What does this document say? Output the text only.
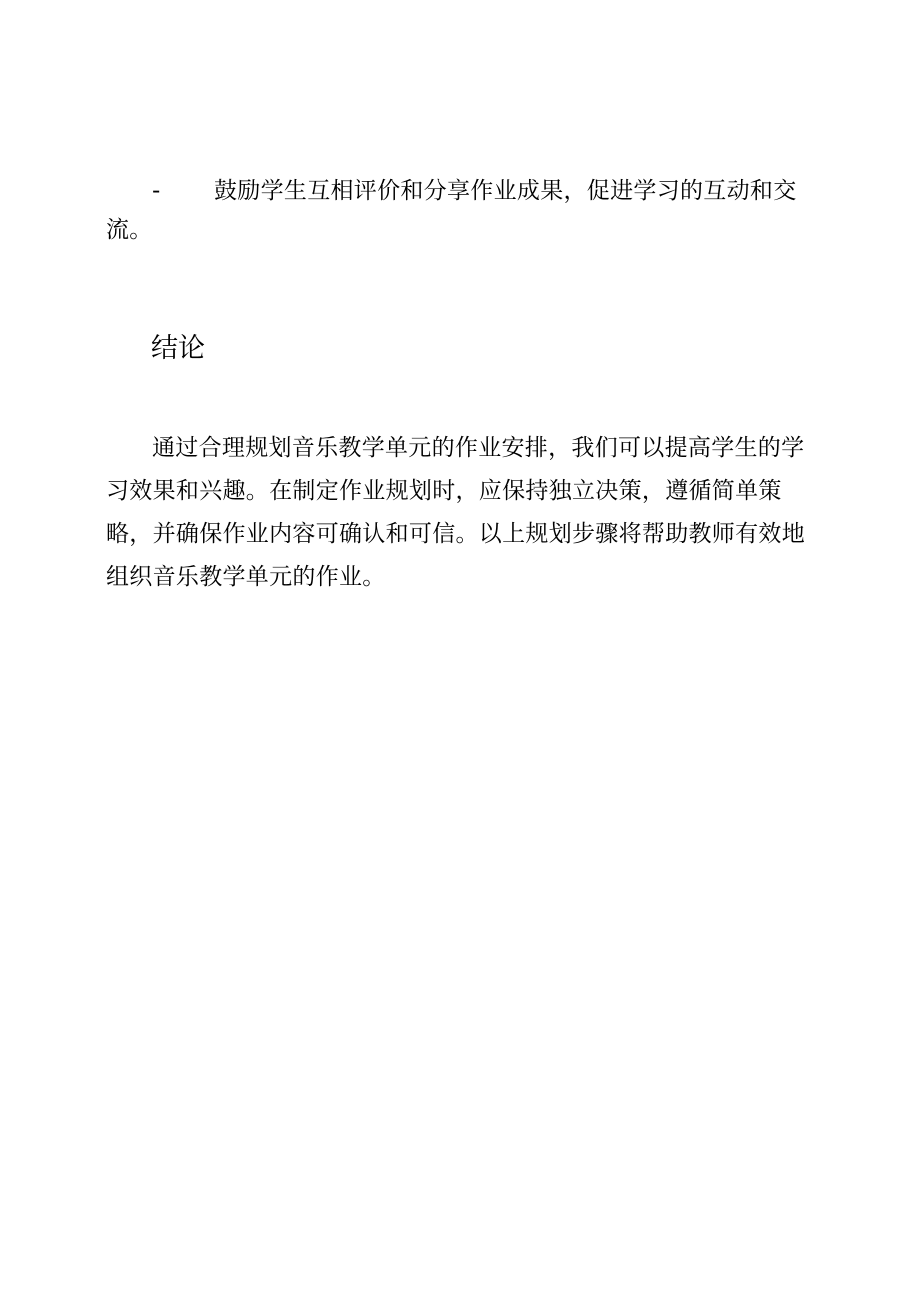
- 鼓励学生互相评价和分享作业成果，促进学习的互动和交流。
结论

通过合理规划音乐教学单元的作业安排，我们可以提高学生的学习效果和兴趣。在制定作业规划时，应保持独立决策，遵循简单策略，并确保作业内容可确认和可信。以上规划步骤将帮助教师有效地组织音乐教学单元的作业。
